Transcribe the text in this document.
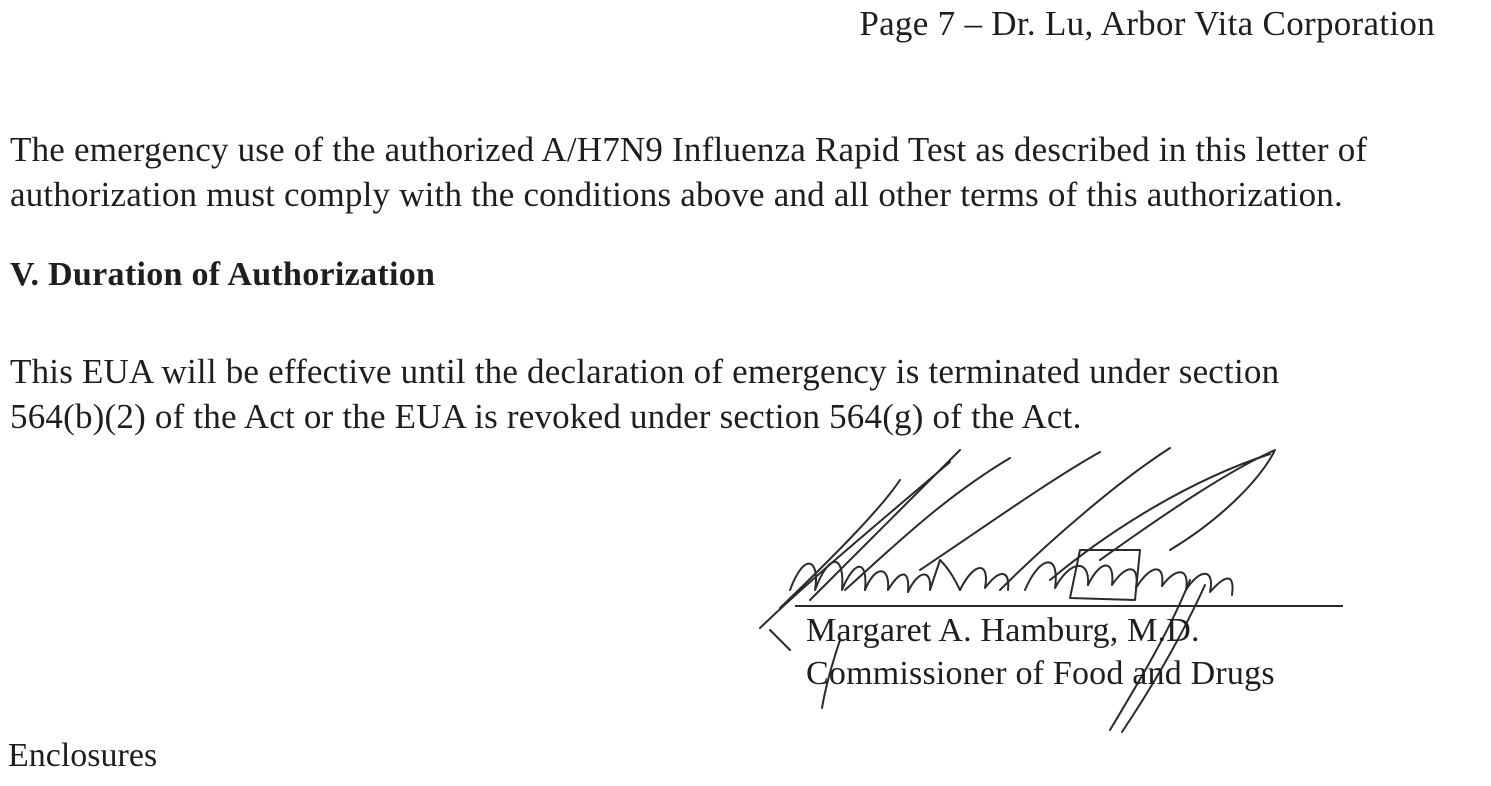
Page 7 – Dr. Lu, Arbor Vita Corporation
The emergency use of the authorized A/H7N9 Influenza Rapid Test as described in this letter of
authorization must comply with the conditions above and all other terms of this authorization.
V. Duration of Authorization
This EUA will be effective until the declaration of emergency is terminated under section
564(b)(2) of the Act or the EUA is revoked under section 564(g) of the Act.
Margaret A. Hamburg, M.D.
Commissioner of Food and Drugs
Enclosures
